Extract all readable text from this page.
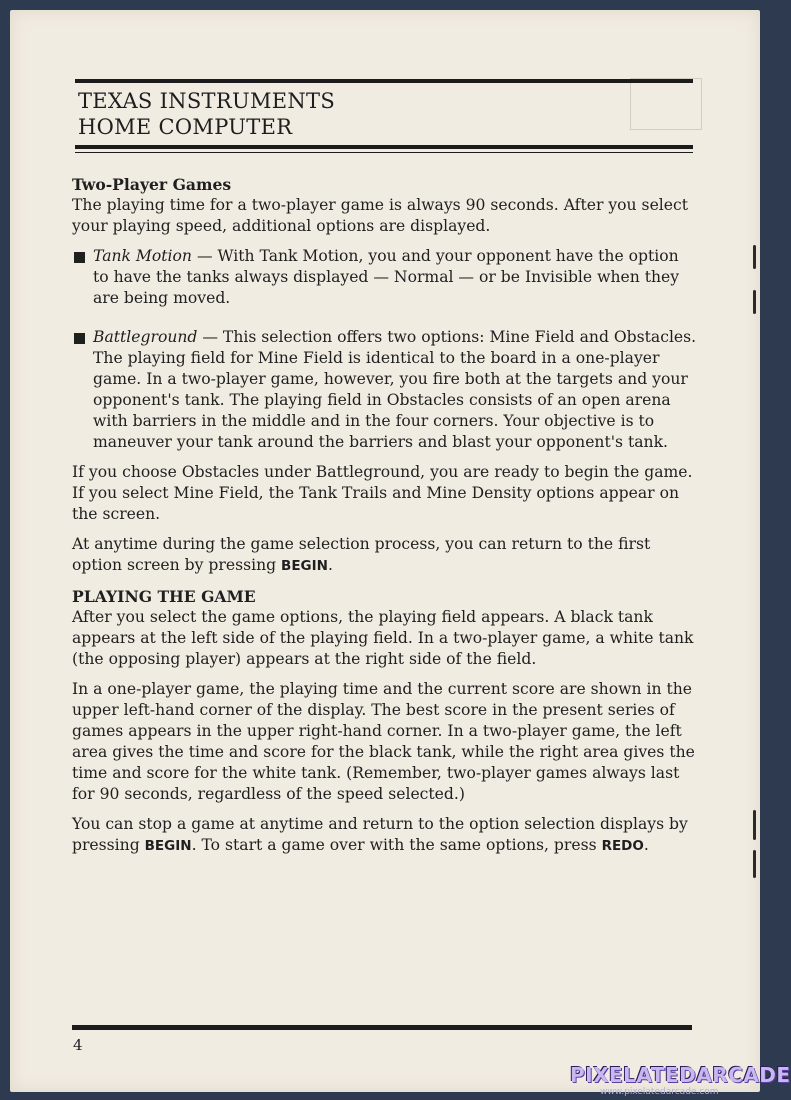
TEXAS INSTRUMENTS
HOME COMPUTER
Two-Player Games

The playing time for a two-player game is always 90 seconds. After you select your playing speed, additional options are displayed.

Tank Motion — With Tank Motion, you and your opponent have the option to have the tanks always displayed — Normal — or be Invisible when they are being moved.
Battleground — This selection offers two options: Mine Field and Obstacles. The playing field for Mine Field is identical to the board in a one-player game. In a two-player game, however, you fire both at the targets and your opponent's tank. The playing field in Obstacles consists of an open arena with barriers in the middle and in the four corners. Your objective is to maneuver your tank around the barriers and blast your opponent's tank.

If you choose Obstacles under Battleground, you are ready to begin the game. If you select Mine Field, the Tank Trails and Mine Density options appear on the screen.

At anytime during the game selection process, you can return to the first option screen by pressing BEGIN.

PLAYING THE GAME

After you select the game options, the playing field appears. A black tank appears at the left side of the playing field. In a two-player game, a white tank (the opposing player) appears at the right side of the field.

In a one-player game, the playing time and the current score are shown in the upper left-hand corner of the display. The best score in the present series of games appears in the upper right-hand corner. In a two-player game, the left area gives the time and score for the black tank, while the right area gives the time and score for the white tank. (Remember, two-player games always last for 90 seconds, regardless of the speed selected.)

You can stop a game at anytime and return to the option selection displays by pressing BEGIN. To start a game over with the same options, press REDO.

4
PIXELATEDARCADE
www.pixelatedarcade.com
